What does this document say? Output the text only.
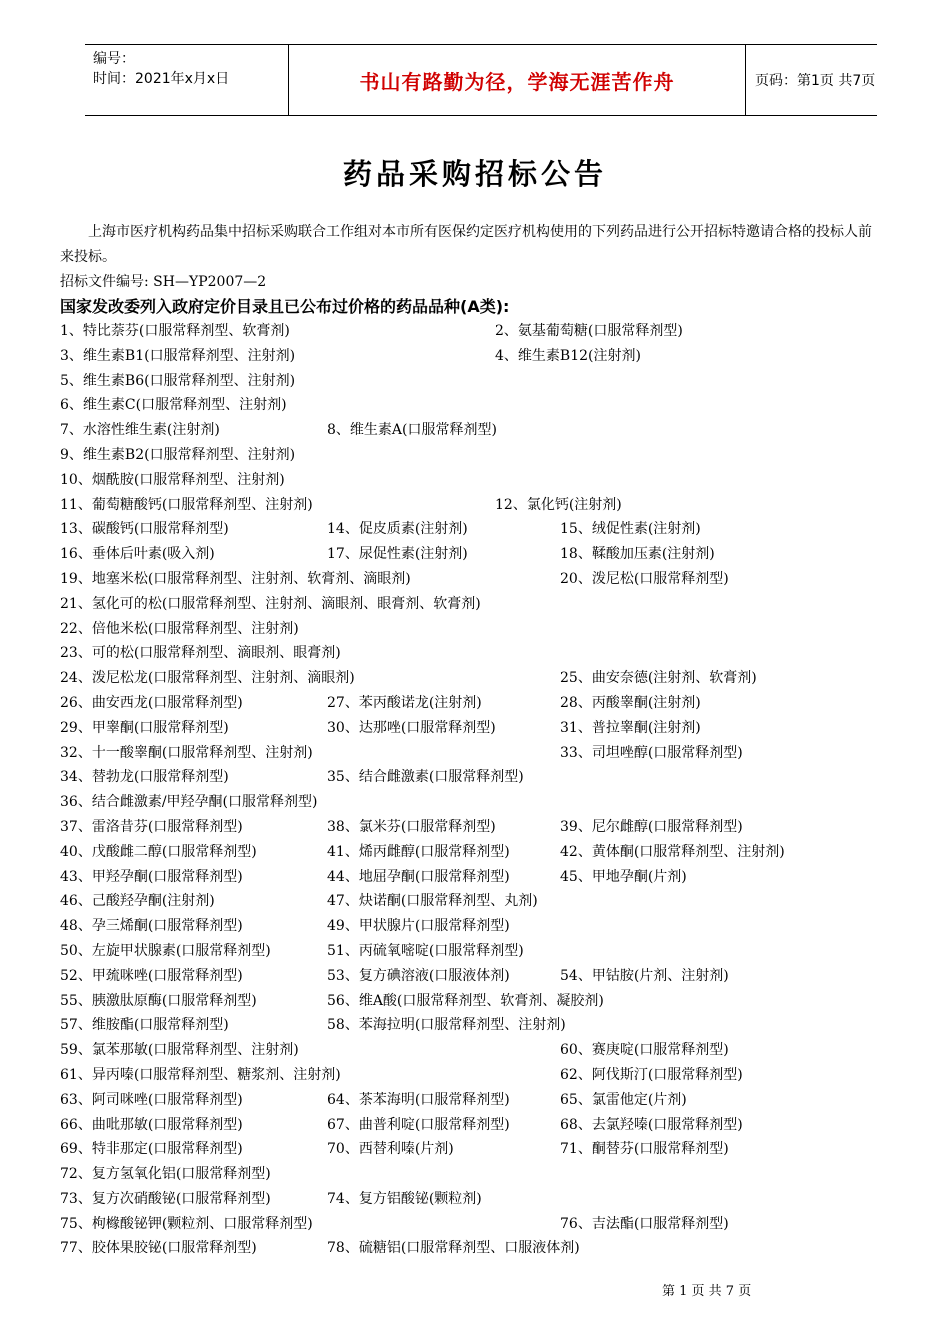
编号：
时间：2021年x月x日	书山有路勤为径，学海无涯苦作舟	页码：第1页 共7页
药品采购招标公告
上海市医疗机构药品集中招标采购联合工作组对本市所有医保约定医疗机构使用的下列药品进行公开招标特邀请合格的投标人前来投标。
招标文件编号: SH—YP2007—2
国家发改委列入政府定价目录且已公布过价格的药品品种(A类):
1、特比萘芬(口服常释剂型、软膏剂)	2、氨基葡萄糖(口服常释剂型)
3、维生素B1(口服常释剂型、注射剂)	4、维生素B12(注射剂)
5、维生素B6(口服常释剂型、注射剂)
6、维生素C(口服常释剂型、注射剂)
7、水溶性维生素(注射剂)	8、维生素A(口服常释剂型)
9、维生素B2(口服常释剂型、注射剂)
10、烟酰胺(口服常释剂型、注射剂)
11、葡萄糖酸钙(口服常释剂型、注射剂)	12、氯化钙(注射剂)
13、碳酸钙(口服常释剂型)	14、促皮质素(注射剂)	15、绒促性素(注射剂)
16、垂体后叶素(吸入剂)	17、尿促性素(注射剂)	18、鞣酸加压素(注射剂)
19、地塞米松(口服常释剂型、注射剂、软膏剂、滴眼剂)	20、泼尼松(口服常释剂型)
21、氢化可的松(口服常释剂型、注射剂、滴眼剂、眼膏剂、软膏剂)
22、倍他米松(口服常释剂型、注射剂)
23、可的松(口服常释剂型、滴眼剂、眼膏剂)
24、泼尼松龙(口服常释剂型、注射剂、滴眼剂)	25、曲安奈德(注射剂、软膏剂)
26、曲安西龙(口服常释剂型)	27、苯丙酸诺龙(注射剂)	28、丙酸睾酮(注射剂)
29、甲睾酮(口服常释剂型)	30、达那唑(口服常释剂型)	31、普拉睾酮(注射剂)
32、十一酸睾酮(口服常释剂型、注射剂)	33、司坦唑醇(口服常释剂型)
34、替勃龙(口服常释剂型)	35、结合雌激素(口服常释剂型)
36、结合雌激素/甲羟孕酮(口服常释剂型)
37、雷洛昔芬(口服常释剂型)	38、氯米芬(口服常释剂型)	39、尼尔雌醇(口服常释剂型)
40、戊酸雌二醇(口服常释剂型)	41、烯丙雌醇(口服常释剂型)	42、黄体酮(口服常释剂型、注射剂)
43、甲羟孕酮(口服常释剂型)	44、地屈孕酮(口服常释剂型)	45、甲地孕酮(片剂)
46、己酸羟孕酮(注射剂)	47、炔诺酮(口服常释剂型、丸剂)
48、孕三烯酮(口服常释剂型)	49、甲状腺片(口服常释剂型)
50、左旋甲状腺素(口服常释剂型)	51、丙硫氧嘧啶(口服常释剂型)
52、甲巯咪唑(口服常释剂型)	53、复方碘溶液(口服液体剂)	54、甲钴胺(片剂、注射剂)
55、胰激肽原酶(口服常释剂型)	56、维A酸(口服常释剂型、软膏剂、凝胶剂)
57、维胺酯(口服常释剂型)	58、苯海拉明(口服常释剂型、注射剂)
59、氯苯那敏(口服常释剂型、注射剂)	60、赛庚啶(口服常释剂型)
61、异丙嗪(口服常释剂型、糖浆剂、注射剂)	62、阿伐斯汀(口服常释剂型)
63、阿司咪唑(口服常释剂型)	64、茶苯海明(口服常释剂型)	65、氯雷他定(片剂)
66、曲吡那敏(口服常释剂型)	67、曲普利啶(口服常释剂型)	68、去氯羟嗪(口服常释剂型)
69、特非那定(口服常释剂型)	70、西替利嗪(片剂)	71、酮替芬(口服常释剂型)
72、复方氢氧化铝(口服常释剂型)
73、复方次硝酸铋(口服常释剂型)	74、复方铝酸铋(颗粒剂)
75、枸橼酸铋钾(颗粒剂、口服常释剂型)	76、吉法酯(口服常释剂型)
77、胶体果胶铋(口服常释剂型)	78、硫糖铝(口服常释剂型、口服液体剂)
第 1 页 共 7 页
